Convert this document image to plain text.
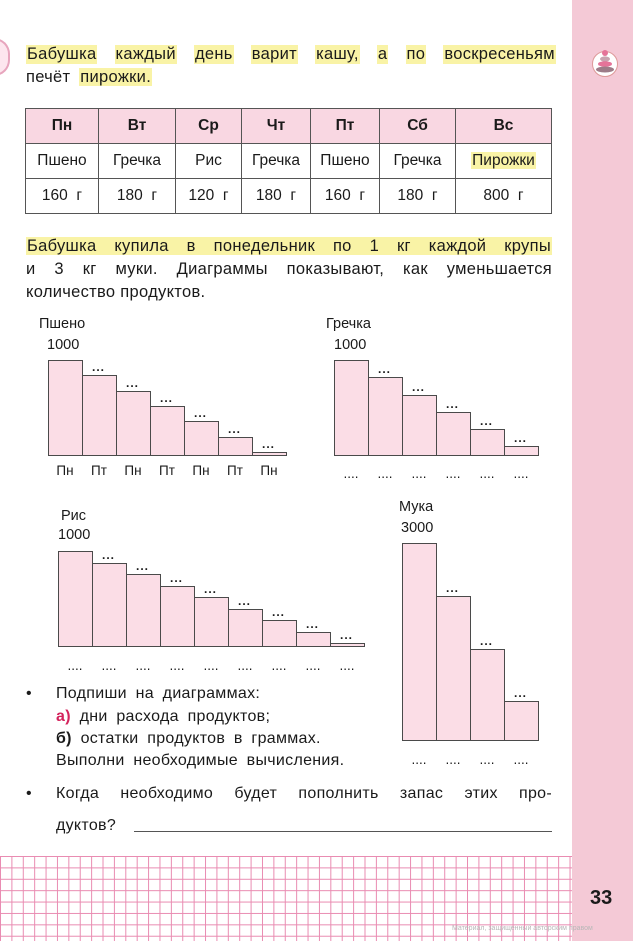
Бабушка каждый день варит кашу, а по воскресеньям
печёт пирожки.
Пн	Вт	Ср	Чт	Пт	Сб	Вс
Пшено	Гречка	Рис	Гречка	Пшено	Гречка	Пирожки
160  г	180  г	120  г	180  г	160  г	180  г	800  г
Бабушка купила в понедельник по 1 кг каждой крупы
и 3 кг муки. Диаграммы показывают, как уменьшается
количество продуктов.
Пшено
1000
Гречка
1000
Рис
1000
Мука
3000
• Подпиши на диаграммах:
а) дни расхода продуктов;
б) остатки продуктов в граммах.
Выполни необходимые вычисления.
• Когда необходимо будет пополнить запас этих про-
дуктов?
33
Материал, защищенный авторским правом
...
...
...
...
...
...
Пн	Пт	Пн	Пт	Пн	Пт	Пн
...
...
...
...
...
....	....	....	....	....	....
...
...
...
...
...
...
...
...
....	....	....	....	....	....	....	....	....
...
...
...
....	....	....	....
